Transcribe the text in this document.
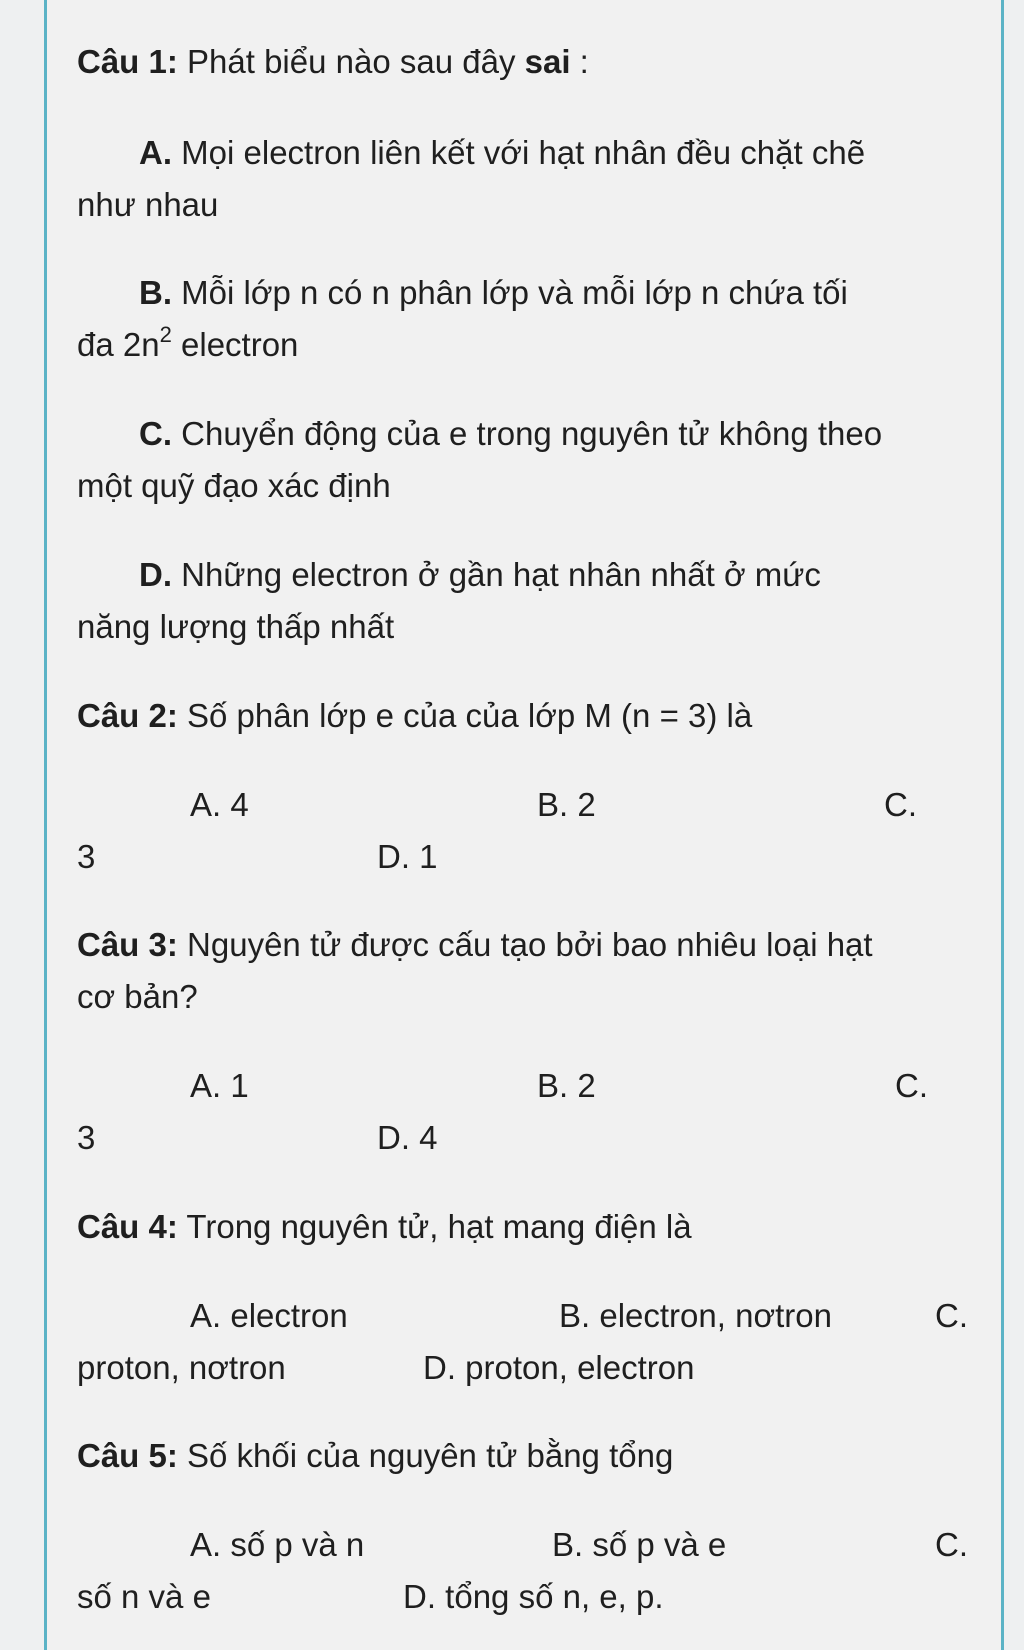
Câu 1: Phát biểu nào sau đây sai :
A. Mọi electron liên kết với hạt nhân đều chặt chẽ
như nhau
B. Mỗi lớp n có n phân lớp và mỗi lớp n chứa tối
đa $2n^2$ electron
C. Chuyển động của e trong nguyên tử không theo
một quỹ đạo xác định
D. Những electron ở gần hạt nhân nhất ở mức
năng lượng thấp nhất
Câu 2: Số phân lớp e của của lớp M (n = 3) là
A. 4	B. 2	C.
3	D. 1
Câu 3: Nguyên tử được cấu tạo bởi bao nhiêu loại hạt
cơ bản?
A. 1	B. 2	C.
3	D. 4
Câu 4: Trong nguyên tử, hạt mang điện là
A. electron	B. electron, nơtron	C.
proton, nơtron	D. proton, electron
Câu 5: Số khối của nguyên tử bằng tổng
A. số p và n	B. số p và e	C.
số n và e	D. tổng số n, e, p.
